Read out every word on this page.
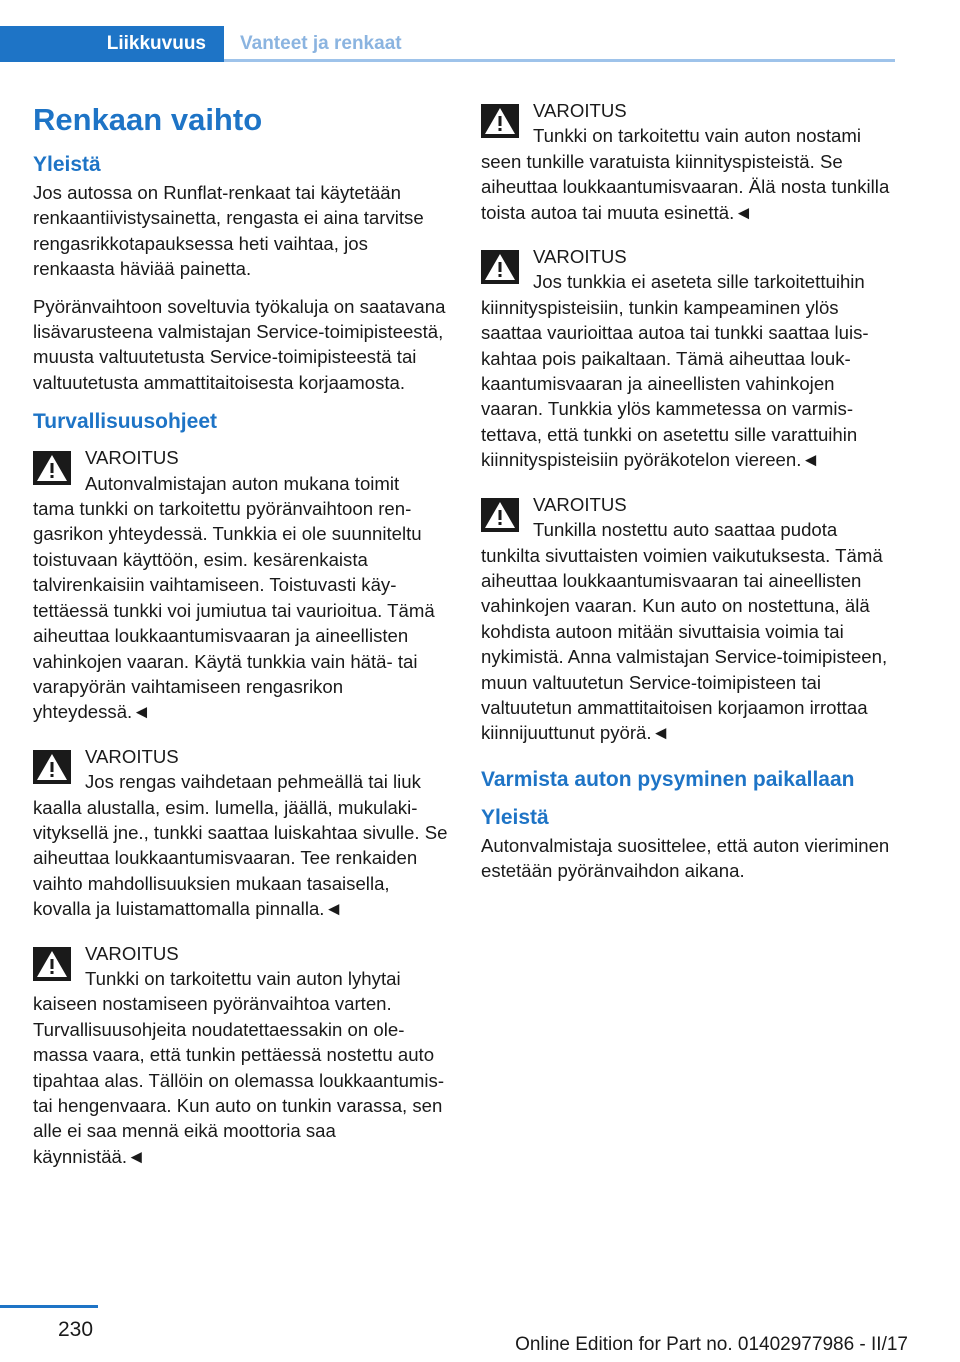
Liikkuvuus	Vanteet ja renkaat
Renkaan vaihto
Yleistä

Jos autossa on Runflat-renkaat tai käytetään renkaantiivistysainetta, rengasta ei aina tarvitse rengasrikkotapauksessa heti vaihtaa, jos renkaasta häviää painetta.

Pyöränvaihtoon soveltuvia työkaluja on saatavana lisävarusteena valmistajan Service-toimipisteestä, muusta valtuutetusta Service-toimipisteestä tai valtuutetusta ammattitaitoisesta korjaamosta.

Turvallisuusohjeet
VAROITUS
Autonvalmistajan auton mukana toimit
tama tunkki on tarkoitettu pyöränvaihtoon rengasrikon yhteydessä. Tunkkia ei ole suunniteltu toistuvaan käyttöön, esim. kesärenkaista talvirenkaisiin vaihtamiseen. Toistuvasti käytettäessä tunkki voi jumiutua tai vaurioitua. Tämä aiheuttaa loukkaantumisvaaran ja aineellisten vahinkojen vaaran. Käytä tunkkia vain hätä- tai varapyörän vaihtamiseen rengasrikon yhteydessä.◄
VAROITUS
Jos rengas vaihdetaan pehmeällä tai liuk
kaalla alustalla, esim. lumella, jäällä, mukulakivityksellä jne., tunkki saattaa luiskahtaa sivulle. Se aiheuttaa loukkaantumisvaaran. Tee renkaiden vaihto mahdollisuuksien mukaan tasaisella, kovalla ja luistamattomalla pinnalla.◄
VAROITUS
Tunkki on tarkoitettu vain auton lyhytai
kaiseen nostamiseen pyöränvaihtoa varten. Turvallisuusohjeita noudatettaessakin on olemassa vaara, että tunkin pettäessä nostettu auto tipahtaa alas. Tällöin on olemassa loukkaantumis- tai hengenvaara. Kun auto on tunkin varassa, sen alle ei saa mennä eikä moottoria saa käynnistää.◄
VAROITUS
Tunkki on tarkoitettu vain auton nostami
seen tunkille varatuista kiinnityspisteistä. Se aiheuttaa loukkaantumisvaaran. Älä nosta tunkilla toista autoa tai muuta esinettä.◄
VAROITUS
Jos tunkkia ei aseteta sille tarkoitettuihin
kiinnityspisteisiin, tunkin kampeaminen ylös saattaa vaurioittaa autoa tai tunkki saattaa luiskahtaa pois paikaltaan. Tämä aiheuttaa loukkaantumisvaaran ja aineellisten vahinkojen vaaran. Tunkkia ylös kammetessa on varmistettava, että tunkki on asetettu sille varattuihin kiinnityspisteisiin pyöräkotelon viereen.◄
VAROITUS
Tunkilla nostettu auto saattaa pudota
tunkilta sivuttaisten voimien vaikutuksesta. Tämä aiheuttaa loukkaantumisvaaran tai aineellisten vahinkojen vaaran. Kun auto on nostettuna, älä kohdista autoon mitään sivuttaisia voimia tai nykimistä. Anna valmistajan Service-toimipisteen, muun valtuutetun Service-toimipisteen tai valtuutetun ammattitaitoisen korjaamon irrottaa kiinnijuuttunut pyörä.◄
Varmista auton pysyminen paikallaan
Yleistä

Autonvalmistaja suosittelee, että auton vieriminen estetään pyöränvaihdon aikana.

230
Online Edition for Part no. 01402977986 - II/17
